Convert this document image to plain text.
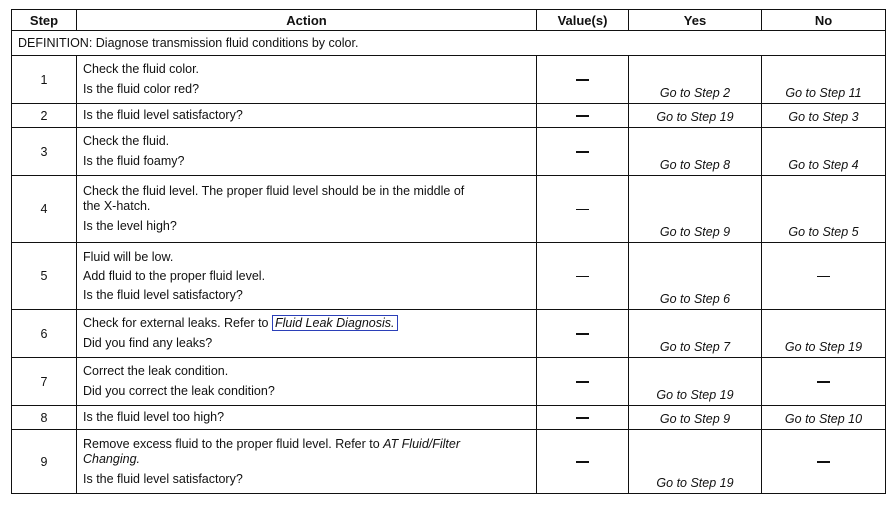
Step	Action	Value(s)	Yes	No
DEFINITION: Diagnose transmission fluid conditions by color.				
1	Check the fluid color.
Is the fluid color red?		Go to Step 2	Go to Step 11
2	Is the fluid level satisfactory?		Go to Step 19	Go to Step 3
3	Check the fluid.
Is the fluid foamy?		Go to Step 8	Go to Step 4
4	Check the fluid level. The proper fluid level should be in the middle of the X-hatch.
Is the level high?		Go to Step 9	Go to Step 5
5	Fluid will be low.
Add fluid to the proper fluid level.
Is the fluid level satisfactory?		Go to Step 6	
6	Check for external leaks. Refer to Fluid Leak Diagnosis.
Did you find any leaks?		Go to Step 7	Go to Step 19
7	Correct the leak condition.
Did you correct the leak condition?		Go to Step 19	
8	Is the fluid level too high?		Go to Step 9	Go to Step 10
9	Remove excess fluid to the proper fluid level. Refer to AT Fluid/Filter Changing.
Is the fluid level satisfactory?		Go to Step 19	
